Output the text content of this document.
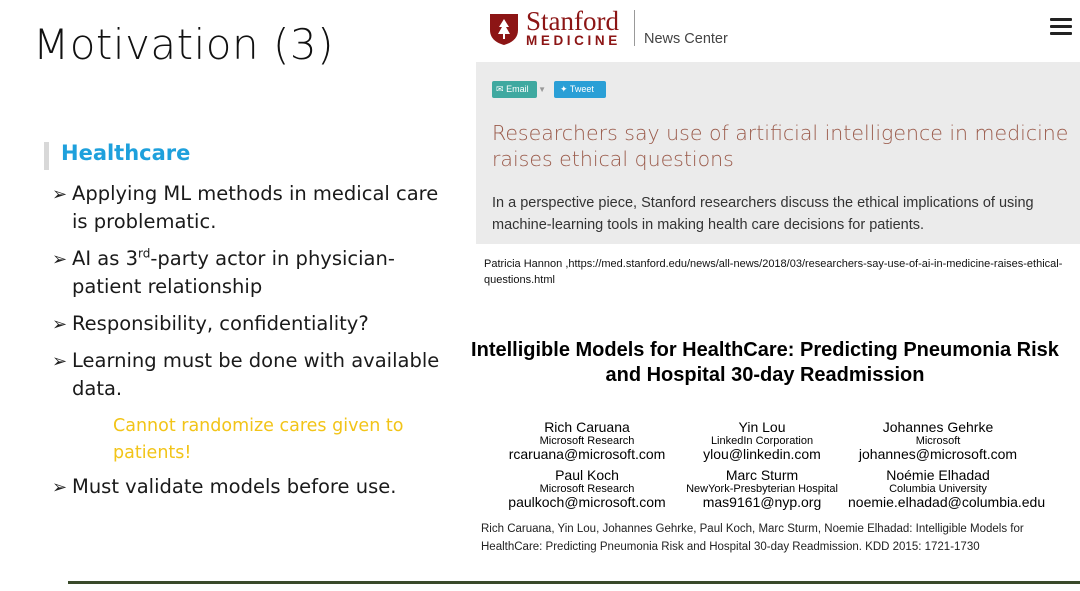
Motivation (3)
Healthcare
➢ Applying ML methods in medical care is problematic.
➢ AI as 3rd-party actor in physician-patient relationship
➢ Responsibility, confidentiality?
➢ Learning must be done with available data.
Cannot randomize cares given to patients!
➢ Must validate models before use.
Stanford
MEDICINE News Center
✉ Email ▼	✦ Tweet
Researchers say use of artificial intelligence in medicine raises ethical questions
In a perspective piece, Stanford researchers discuss the ethical implications of using machine-learning tools in making health care decisions for patients.
Patricia Hannon ,https://med.stanford.edu/news/all-news/2018/03/researchers-say-use-of-ai-in-medicine-raises-ethical-questions.html
Intelligible Models for HealthCare: Predicting Pneumonia Risk and Hospital 30-day Readmission
Rich Caruana
Microsoft Research
rcaruana@microsoft.com
Yin Lou
LinkedIn Corporation
ylou@linkedin.com
Johannes Gehrke
Microsoft
johannes@microsoft.com
Paul Koch
Microsoft Research
paulkoch@microsoft.com
Marc Sturm
NewYork-Presbyterian Hospital
mas9161@nyp.org
Noémie Elhadad
Columbia University
noemie.elhadad@columbia.edu
Rich Caruana, Yin Lou, Johannes Gehrke, Paul Koch, Marc Sturm, Noemie Elhadad: Intelligible Models for HealthCare: Predicting Pneumonia Risk and Hospital 30-day Readmission. KDD 2015: 1721-1730
